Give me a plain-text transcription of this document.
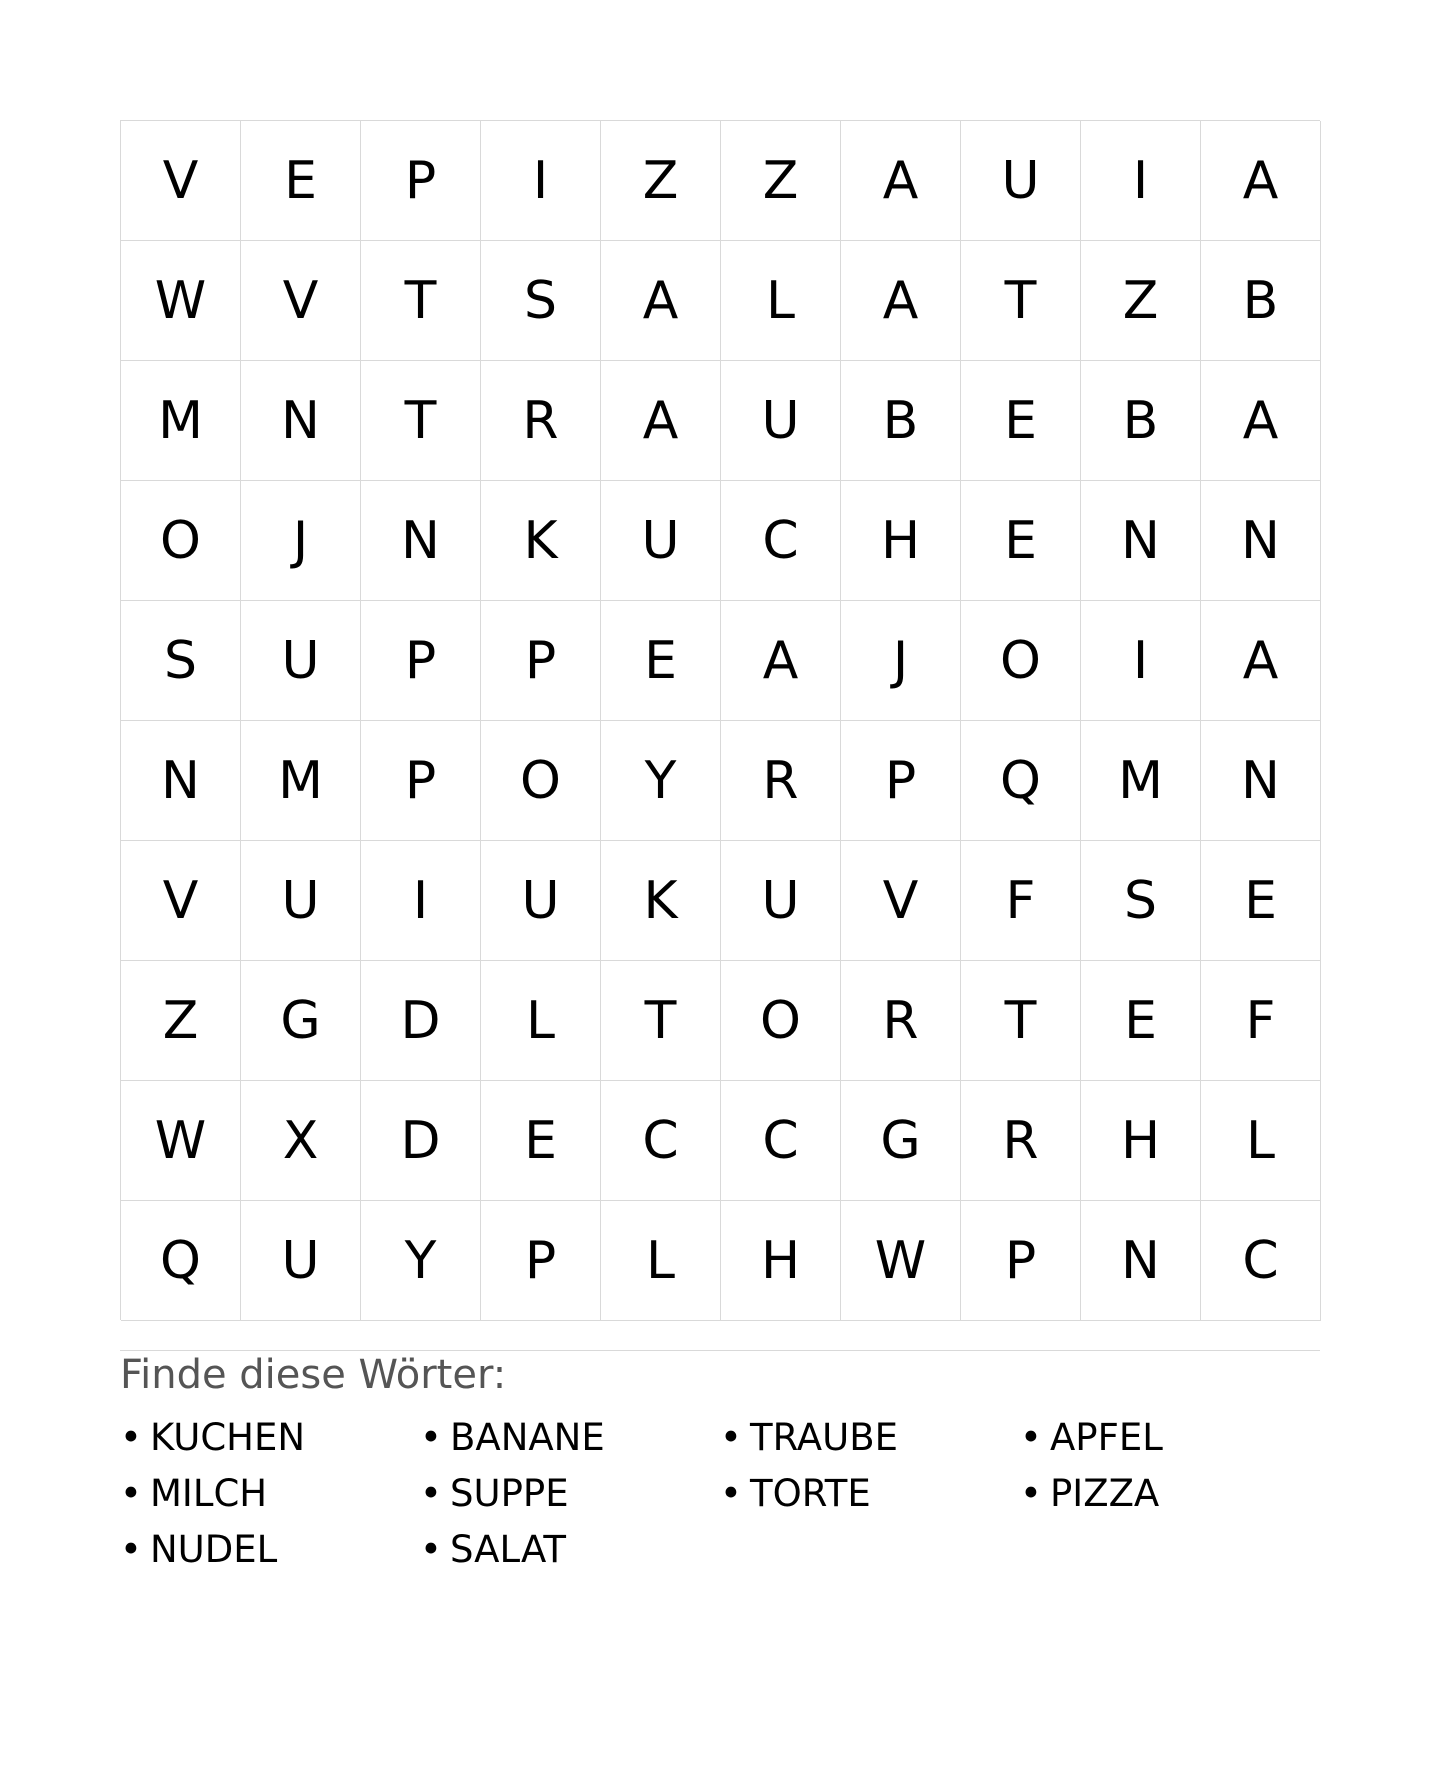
V	E	P	I	Z	Z	A	U	I	A
W	V	T	S	A	L	A	T	Z	B
M	N	T	R	A	U	B	E	B	A
O	J	N	K	U	C	H	E	N	N
S	U	P	P	E	A	J	O	I	A
N	M	P	O	Y	R	P	Q	M	N
V	U	I	U	K	U	V	F	S	E
Z	G	D	L	T	O	R	T	E	F
W	X	D	E	C	C	G	R	H	L
Q	U	Y	P	L	H	W	P	N	C
Finde diese Wörter:
• KUCHEN	• BANANE	• TRAUBE	• APFEL
• MILCH	• SUPPE	• TORTE	• PIZZA
• NUDEL	• SALAT
